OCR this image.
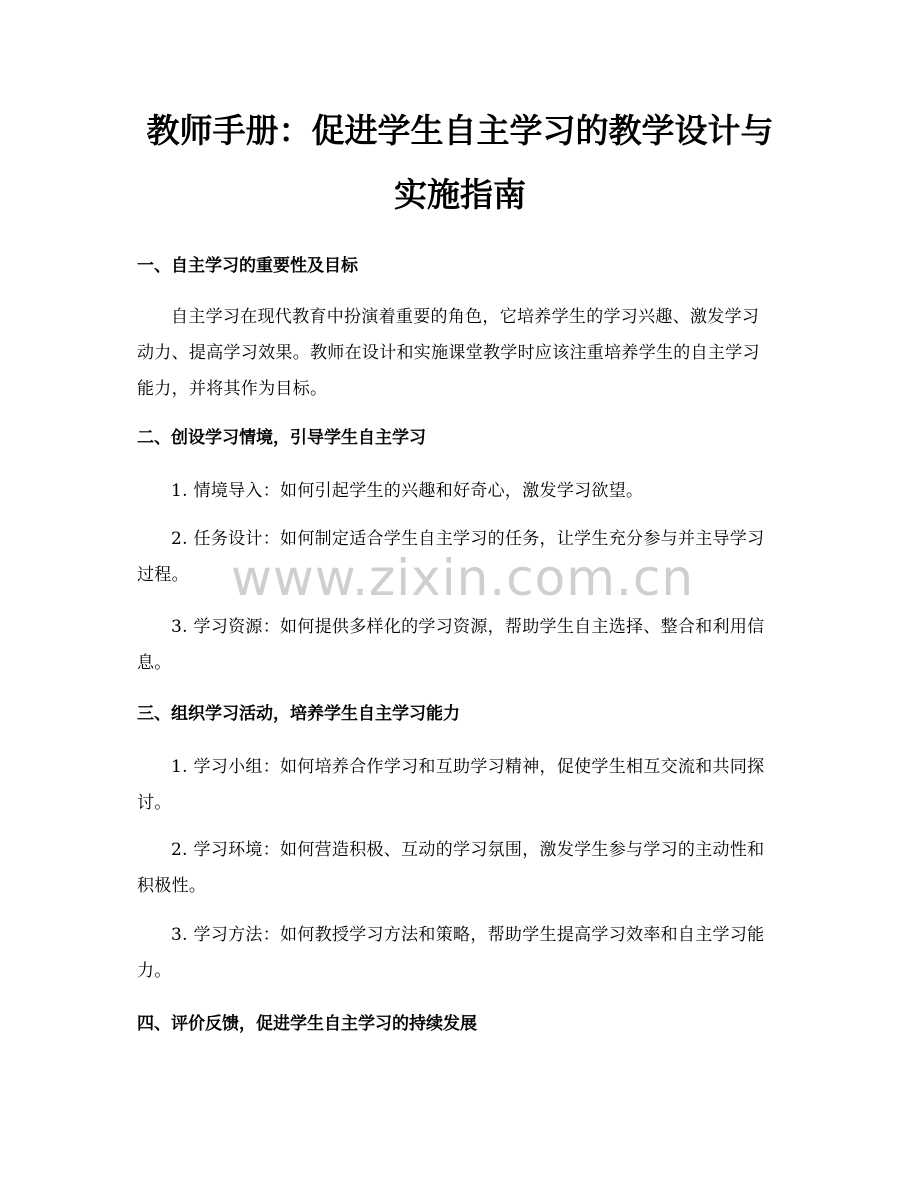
教师手册：促进学生自主学习的教学设计与
实施指南
一、自主学习的重要性及目标

自主学习在现代教育中扮演着重要的角色，它培养学生的学习兴趣、激发学习
动力、提高学习效果。教师在设计和实施课堂教学时应该注重培养学生的自主学习
能力，并将其作为目标。

二、创设学习情境，引导学生自主学习

1. 情境导入：如何引起学生的兴趣和好奇心，激发学习欲望。

2. 任务设计：如何制定适合学生自主学习的任务，让学生充分参与并主导学习
过程。

3. 学习资源：如何提供多样化的学习资源，帮助学生自主选择、整合和利用信
息。

三、组织学习活动，培养学生自主学习能力

1. 学习小组：如何培养合作学习和互助学习精神，促使学生相互交流和共同探
讨。

2. 学习环境：如何营造积极、互动的学习氛围，激发学生参与学习的主动性和
积极性。

3. 学习方法：如何教授学习方法和策略，帮助学生提高学习效率和自主学习能
力。

四、评价反馈，促进学生自主学习的持续发展
www.zixin.com.cn
